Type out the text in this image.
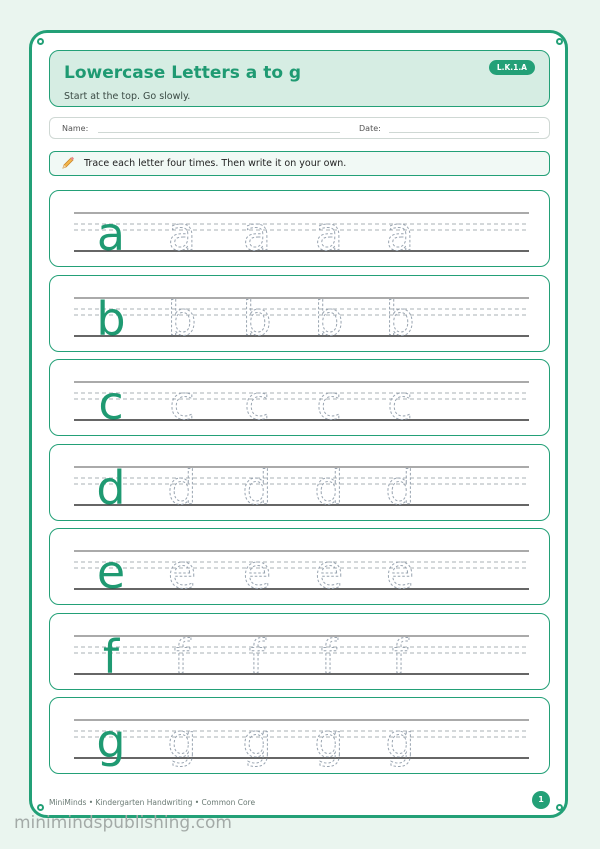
Lowercase Letters a to g
Start at the top. Go slowly.
L.K.1.A
Name:	Date:
Trace each letter four times. Then write it on your own.
a a a a a
b b b b b
c c c c c
d d d d d
e e e e e
f f f f f
g g g g g
MiniMinds • Kindergarten Handwriting • Common Core	1
minimindspublishing.com
